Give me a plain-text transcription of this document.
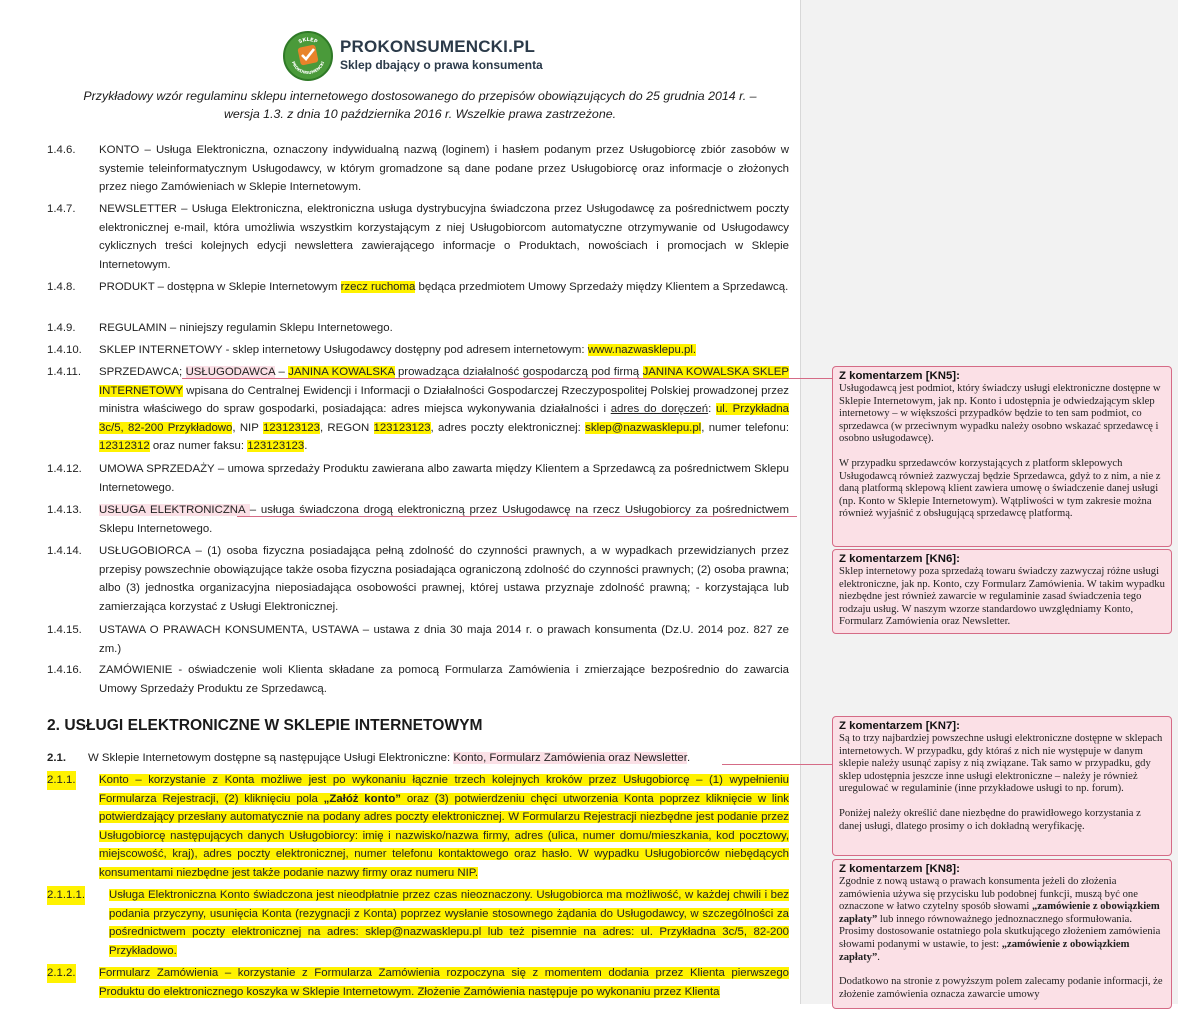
SKLEP
PROKONSUMENCKI
PROKONSUMENCKI.PL
Sklep dbający o prawa konsumenta
Przykładowy wzór regulaminu sklepu internetowego dostosowanego do przepisów obowiązujących do 25 grudnia 2014 r. –
wersja 1.3. z dnia 10 października 2016 r. Wszelkie prawa zastrzeżone.
1.4.6. KONTO – Usługa Elektroniczna, oznaczony indywidualną nazwą (loginem) i hasłem podanym przez Usługobiorcę zbiór zasobów w systemie teleinformatycznym Usługodawcy, w którym gromadzone są dane podane przez Usługobiorcę oraz informacje o złożonych przez niego Zamówieniach w Sklepie Internetowym.
1.4.7. NEWSLETTER – Usługa Elektroniczna, elektroniczna usługa dystrybucyjna świadczona przez Usługodawcę za pośrednictwem poczty elektronicznej e-mail, która umożliwia wszystkim korzystającym z niej Usługobiorcom automatyczne otrzymywanie od Usługodawcy cyklicznych treści kolejnych edycji newslettera zawierającego informacje o Produktach, nowościach i promocjach w Sklepie Internetowym.
1.4.8. PRODUKT – dostępna w Sklepie Internetowym rzecz ruchoma będąca przedmiotem Umowy Sprzedaży między Klientem a Sprzedawcą.
1.4.9. REGULAMIN – niniejszy regulamin Sklepu Internetowego.
1.4.10. SKLEP INTERNETOWY - sklep internetowy Usługodawcy dostępny pod adresem internetowym: www.nazwasklepu.pl.
1.4.11. SPRZEDAWCA; USŁUGODAWCA – JANINA KOWALSKA prowadząca działalność gospodarczą pod firmą JANINA KOWALSKA SKLEP INTERNETOWY wpisana do Centralnej Ewidencji i Informacji o Działalności Gospodarczej Rzeczypospolitej Polskiej prowadzonej przez ministra właściwego do spraw gospodarki, posiadająca: adres miejsca wykonywania działalności i adres do doręczeń: ul. Przykładna 3c/5, 82-200 Przykładowo, NIP 123123123, REGON 123123123, adres poczty elektronicznej: sklep@nazwasklepu.pl, numer telefonu: 12312312 oraz numer faksu: 123123123.
1.4.12. UMOWA SPRZEDAŻY – umowa sprzedaży Produktu zawierana albo zawarta między Klientem a Sprzedawcą za pośrednictwem Sklepu Internetowego.
1.4.13. USŁUGA ELEKTRONICZNA – usługa świadczona drogą elektroniczną przez Usługodawcę na rzecz Usługobiorcy za pośrednictwem Sklepu Internetowego.
1.4.14. USŁUGOBIORCA – (1) osoba fizyczna posiadająca pełną zdolność do czynności prawnych, a w wypadkach przewidzianych przez przepisy powszechnie obowiązujące także osoba fizyczna posiadająca ograniczoną zdolność do czynności prawnych; (2) osoba prawna; albo (3) jednostka organizacyjna nieposiadająca osobowości prawnej, której ustawa przyznaje zdolność prawną; - korzystająca lub zamierzająca korzystać z Usługi Elektronicznej.
1.4.15. USTAWA O PRAWACH KONSUMENTA, USTAWA – ustawa z dnia 30 maja 2014 r. o prawach konsumenta (Dz.U. 2014 poz. 827 ze zm.)
1.4.16. ZAMÓWIENIE - oświadczenie woli Klienta składane za pomocą Formularza Zamówienia i zmierzające bezpośrednio do zawarcia Umowy Sprzedaży Produktu ze Sprzedawcą.
2. USŁUGI ELEKTRONICZNE W SKLEPIE INTERNETOWYM
2.1. W Sklepie Internetowym dostępne są następujące Usługi Elektroniczne: Konto, Formularz Zamówienia oraz Newsletter.
2.1.1. Konto – korzystanie z Konta możliwe jest po wykonaniu łącznie trzech kolejnych kroków przez Usługobiorcę – (1) wypełnieniu Formularza Rejestracji, (2) kliknięciu pola „Załóż konto” oraz (3) potwierdzeniu chęci utworzenia Konta poprzez kliknięcie w link potwierdzający przesłany automatycznie na podany adres poczty elektronicznej. W Formularzu Rejestracji niezbędne jest podanie przez Usługobiorcę następujących danych Usługobiorcy: imię i nazwisko/nazwa firmy, adres (ulica, numer domu/mieszkania, kod pocztowy, miejscowość, kraj), adres poczty elektronicznej, numer telefonu kontaktowego oraz hasło. W wypadku Usługobiorców niebędących konsumentami niezbędne jest także podanie nazwy firmy oraz numeru NIP.
2.1.1.1. Usługa Elektroniczna Konto świadczona jest nieodpłatnie przez czas nieoznaczony. Usługobiorca ma możliwość, w każdej chwili i bez podania przyczyny, usunięcia Konta (rezygnacji z Konta) poprzez wysłanie stosownego żądania do Usługodawcy, w szczególności za pośrednictwem poczty elektronicznej na adres: sklep@nazwasklepu.pl lub też pisemnie na adres: ul. Przykładna 3c/5, 82-200 Przykładowo.
2.1.2. Formularz Zamówienia – korzystanie z Formularza Zamówienia rozpoczyna się z momentem dodania przez Klienta pierwszego Produktu do elektronicznego koszyka w Sklepie Internetowym. Złożenie Zamówienia następuje po wykonaniu przez Klienta
Z komentarzem [KN5]:

Usługodawcą jest podmiot, który świadczy usługi elektroniczne dostępne w Sklepie Internetowym, jak np. Konto i udostępnia je odwiedzającym sklep internetowy – w większości przypadków będzie to ten sam podmiot, co sprzedawca (w przeciwnym wypadku należy osobno wskazać sprzedawcę i osobno usługodawcę).

W przypadku sprzedawców korzystających z platform sklepowych Usługodawcą również zazwyczaj będzie Sprzedawca, gdyż to z nim, a nie z daną platformą sklepową klient zawiera umowę o świadczenie danej usługi (np. Konto w Sklepie Internetowym). Wątpliwości w tym zakresie można również wyjaśnić z obsługującą sprzedawcę platformą.

Z komentarzem [KN6]:

Sklep internetowy poza sprzedażą towaru świadczy zazwyczaj różne usługi elektroniczne, jak np. Konto, czy Formularz Zamówienia. W takim wypadku niezbędne jest również zawarcie w regulaminie zasad świadczenia tego rodzaju usług. W naszym wzorze standardowo uwzględniamy Konto, Formularz Zamówienia oraz Newsletter.

Z komentarzem [KN7]:

Są to trzy najbardziej powszechne usługi elektroniczne dostępne w sklepach internetowych. W przypadku, gdy któraś z nich nie występuje w danym sklepie należy usunąć zapisy z nią związane. Tak samo w przypadku, gdy sklep udostępnia jeszcze inne usługi elektroniczne – należy je również uregulować w regulaminie (inne przykładowe usługi to np. forum).

Poniżej należy określić dane niezbędne do prawidłowego korzystania z danej usługi, dlatego prosimy o ich dokładną weryfikację.

Z komentarzem [KN8]:

Zgodnie z nową ustawą o prawach konsumenta jeżeli do złożenia zamówienia używa się przycisku lub podobnej funkcji, muszą być one oznaczone w łatwo czytelny sposób słowami „zamówienie z obowiązkiem zapłaty” lub innego równoważnego jednoznacznego sformułowania. Prosimy dostosowanie ostatniego pola skutkującego złożeniem zamówienia słowami podanymi w ustawie, to jest: „zamówienie z obowiązkiem zapłaty”.

Dodatkowo na stronie z powyższym polem zalecamy podanie informacji, że złożenie zamówienia oznacza zawarcie umowy
